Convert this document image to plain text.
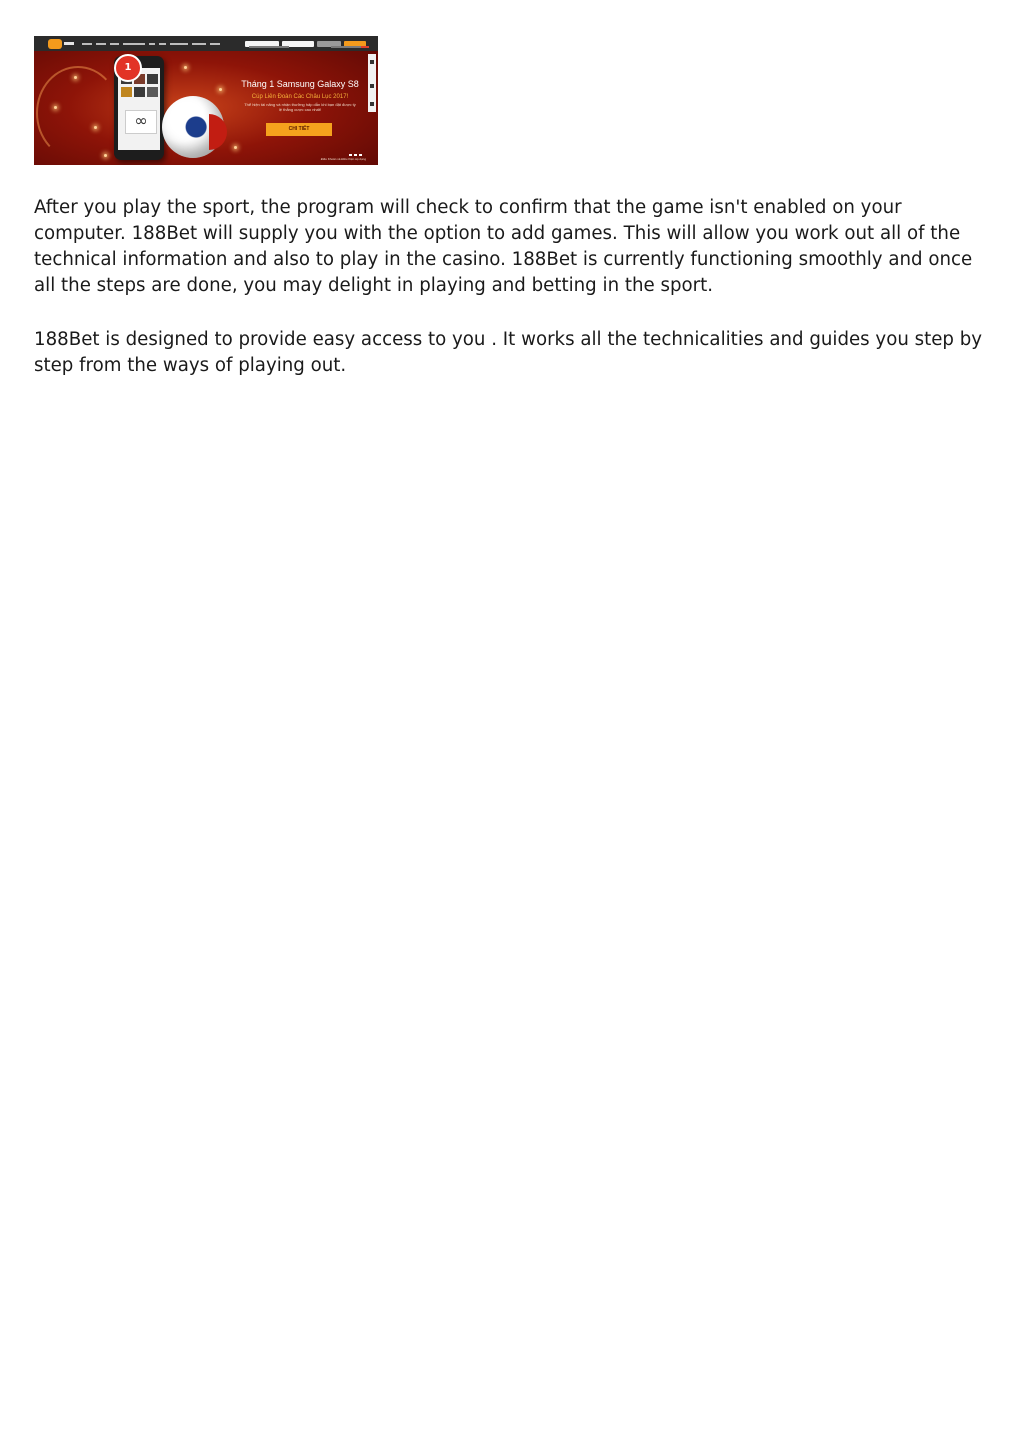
∞
1
Tháng 1 Samsung Galaxy S8
Cúp Liên Đoàn Các Châu Lục 2017!
Thể hiện tài năng và nhận thưởng hấp dẫn khi bạn đặt được tỷ lệ thắng cược cao nhất!
CHI TIẾT
Điều Khoản và Điều Kiện áp dụng

After you play the sport, the program will check to confirm that the game isn't enabled on your computer. 188Bet will supply you with the option to add games. This will allow you work out all of the technical information and also to play in the casino. 188Bet is currently functioning smoothly and once all the steps are done, you may delight in playing and betting in the sport.

188Bet is designed to provide easy access to you . It works all the technicalities and guides you step by step from the ways of playing out.
